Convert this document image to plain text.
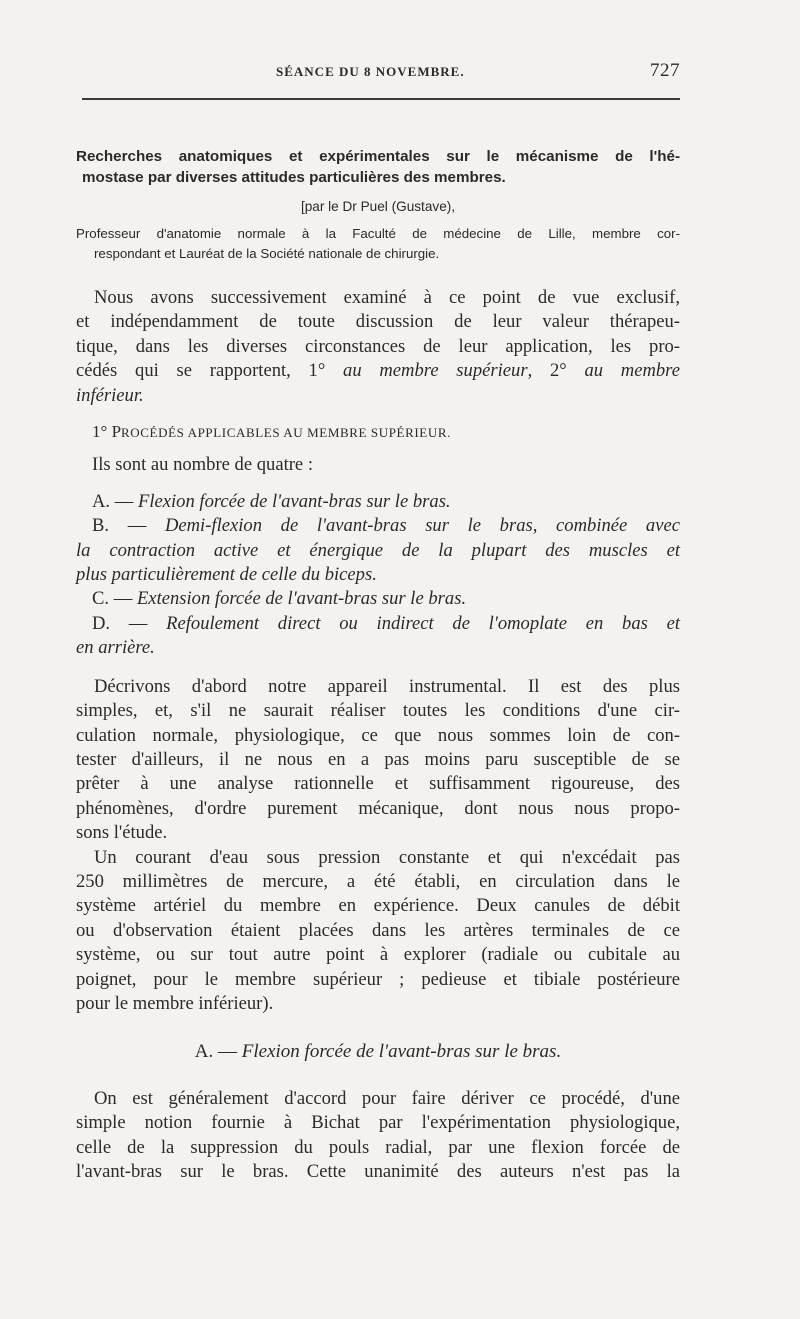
SÉANCE DU 8 NOVEMBRE.	727
Recherches anatomiques et expérimentales sur le mécanisme de l'hé-
mostase par diverses attitudes particulières des membres.
[par le Dr Puel (Gustave),
Professeur d'anatomie normale à la Faculté de médecine de Lille, membre cor-
respondant et Lauréat de la Société nationale de chirurgie.

Nous avons successivement examiné à ce point de vue exclusif,
et indépendamment de toute discussion de leur valeur thérapeu-
tique, dans les diverses circonstances de leur application, les pro-
cédés qui se rapportent, 1° au membre supérieur, 2° au membre
inférieur.

1° PROCÉDÉS APPLICABLES AU MEMBRE SUPÉRIEUR.

Ils sont au nombre de quatre :

A. — Flexion forcée de l'avant-bras sur le bras.

B. — Demi-flexion de l'avant-bras sur le bras, combinée avec
la contraction active et énergique de la plupart des muscles et
plus particulièrement de celle du biceps.

C. — Extension forcée de l'avant-bras sur le bras.

D. — Refoulement direct ou indirect de l'omoplate en bas et
en arrière.

Décrivons d'abord notre appareil instrumental. Il est des plus
simples, et, s'il ne saurait réaliser toutes les conditions d'une cir-
culation normale, physiologique, ce que nous sommes loin de con-
tester d'ailleurs, il ne nous en a pas moins paru susceptible de se
prêter à une analyse rationnelle et suffisamment rigoureuse, des
phénomènes, d'ordre purement mécanique, dont nous nous propo-
sons l'étude.

Un courant d'eau sous pression constante et qui n'excédait pas
250 millimètres de mercure, a été établi, en circulation dans le
système artériel du membre en expérience. Deux canules de débit
ou d'observation étaient placées dans les artères terminales de ce
système, ou sur tout autre point à explorer (radiale ou cubitale au
poignet, pour le membre supérieur ; pedieuse et tibiale postérieure
pour le membre inférieur).

A. — Flexion forcée de l'avant-bras sur le bras.

On est généralement d'accord pour faire dériver ce procédé, d'une
simple notion fournie à Bichat par l'expérimentation physiologique,
celle de la suppression du pouls radial, par une flexion forcée de
l'avant-bras sur le bras. Cette unanimité des auteurs n'est pas la
